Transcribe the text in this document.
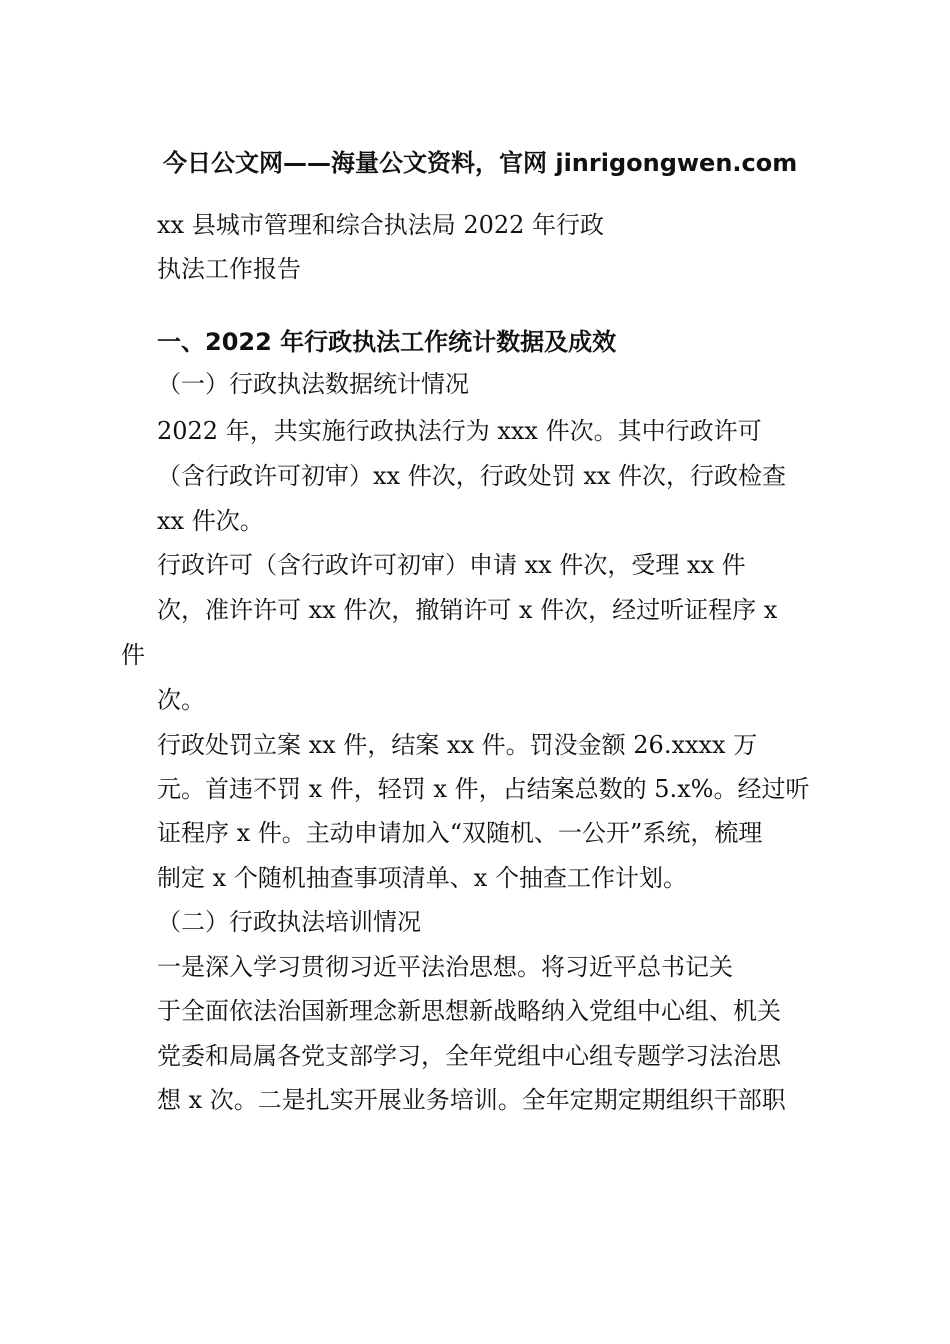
今日公文网——海量公文资料，官网 jinrigongwen.com
xx 县城市管理和综合执法局 2022 年行政
执法工作报告
一、2022 年行政执法工作统计数据及成效
（一）行政执法数据统计情况
2022 年，共实施行政执法行为 xxx 件次。其中行政许可
（含行政许可初审）xx 件次，行政处罚 xx 件次，行政检查
xx 件次。
行政许可（含行政许可初审）申请 xx 件次，受理 xx 件
次，准许许可 xx 件次，撤销许可 x 件次，经过听证程序 x
件
次。
行政处罚立案 xx 件，结案 xx 件。罚没金额 26.xxxx 万
元。首违不罚 x 件，轻罚 x 件，占结案总数的 5.x%。经过听
证程序 x 件。主动申请加入“双随机、一公开”系统，梳理
制定 x 个随机抽查事项清单、x 个抽查工作计划。
（二）行政执法培训情况
一是深入学习贯彻习近平法治思想。将习近平总书记关
于全面依法治国新理念新思想新战略纳入党组中心组、机关
党委和局属各党支部学习，全年党组中心组专题学习法治思
想 x 次。二是扎实开展业务培训。全年定期定期组织干部职
